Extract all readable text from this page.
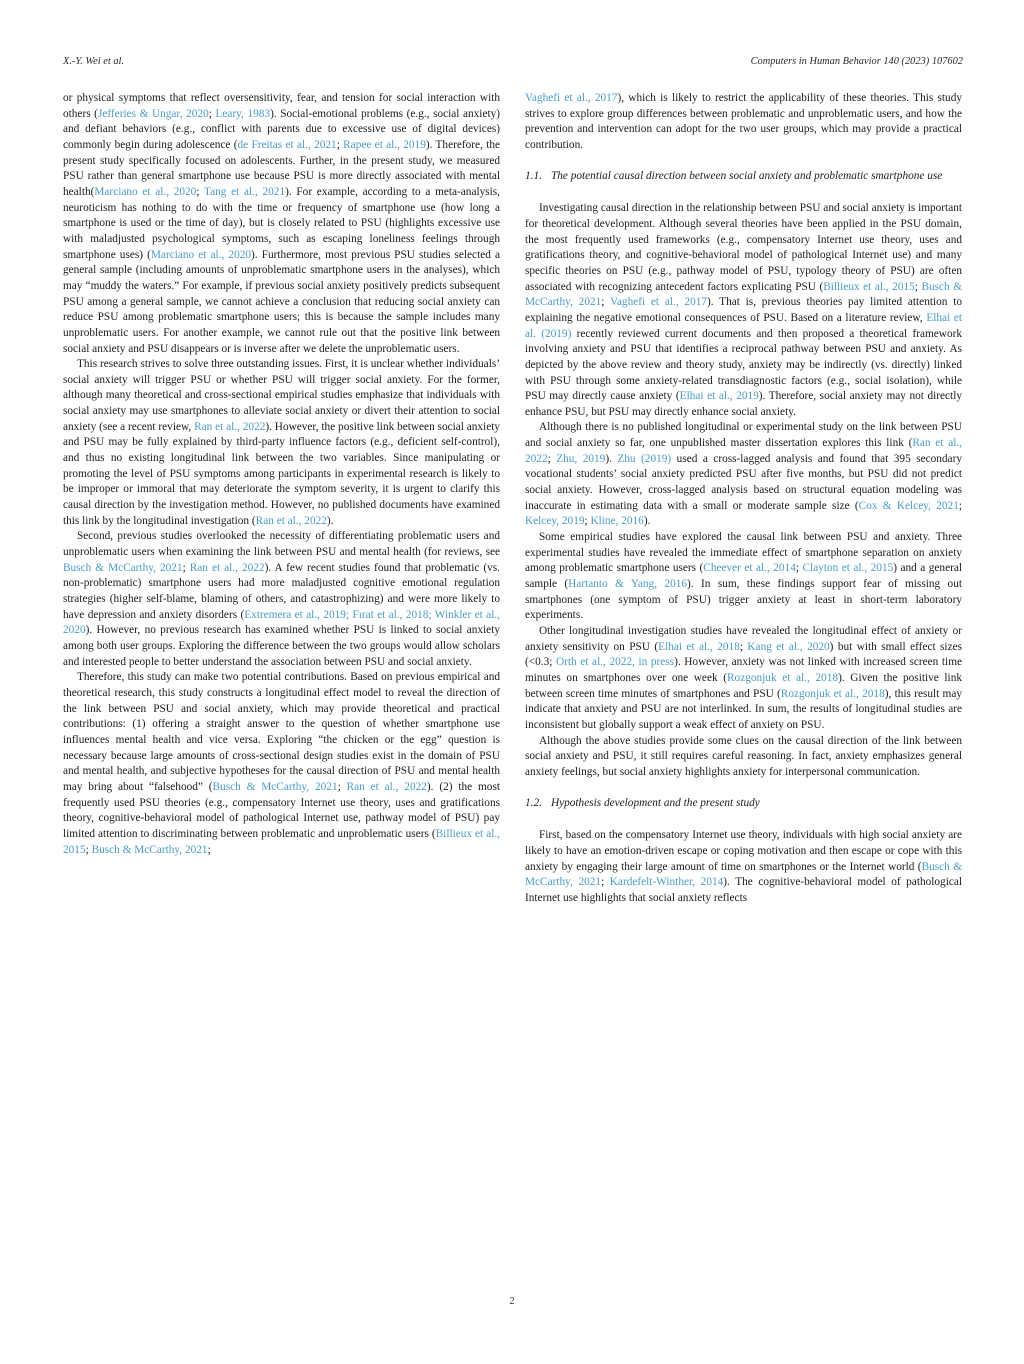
X.-Y. Wei et al.	Computers in Human Behavior 140 (2023) 107602

or physical symptoms that reflect oversensitivity, fear, and tension for social interaction with others (Jefferies & Ungar, 2020; Leary, 1983). Social-emotional problems (e.g., social anxiety) and defiant behaviors (e.g., conflict with parents due to excessive use of digital devices) commonly begin during adolescence (de Freitas et al., 2021; Rapee et al., 2019). Therefore, the present study specifically focused on adolescents. Further, in the present study, we measured PSU rather than general smartphone use because PSU is more directly associated with mental health(Marciano et al., 2020; Tang et al., 2021). For example, according to a meta-analysis, neuroticism has nothing to do with the time or frequency of smartphone use (how long a smartphone is used or the time of day), but is closely related to PSU (highlights excessive use with maladjusted psychological symptoms, such as escaping loneliness feelings through smartphone uses) (Marciano et al., 2020). Furthermore, most previous PSU studies selected a general sample (including amounts of unproblematic smartphone users in the analyses), which may “muddy the waters.” For example, if previous social anxiety positively predicts subsequent PSU among a general sample, we cannot achieve a conclusion that reducing social anxiety can reduce PSU among problematic smartphone users; this is because the sample includes many unproblematic users. For another example, we cannot rule out that the positive link between social anxiety and PSU disappears or is inverse after we delete the unproblematic users.

This research strives to solve three outstanding issues. First, it is unclear whether individuals’ social anxiety will trigger PSU or whether PSU will trigger social anxiety. For the former, although many theoretical and cross-sectional empirical studies emphasize that individuals with social anxiety may use smartphones to alleviate social anxiety or divert their attention to social anxiety (see a recent review, Ran et al., 2022). However, the positive link between social anxiety and PSU may be fully explained by third-party influence factors (e.g., deficient self-control), and thus no existing longitudinal link between the two variables. Since manipulating or promoting the level of PSU symptoms among participants in experimental research is likely to be improper or immoral that may deteriorate the symptom severity, it is urgent to clarify this causal direction by the investigation method. However, no published documents have examined this link by the longitudinal investigation (Ran et al., 2022).

Second, previous studies overlooked the necessity of differentiating problematic users and unproblematic users when examining the link between PSU and mental health (for reviews, see Busch & McCarthy, 2021; Ran et al., 2022). A few recent studies found that problematic (vs. non-problematic) smartphone users had more maladjusted cognitive emotional regulation strategies (higher self-blame, blaming of others, and catastrophizing) and were more likely to have depression and anxiety disorders (Extremera et al., 2019; Fırat et al., 2018; Winkler et al., 2020). However, no previous research has examined whether PSU is linked to social anxiety among both user groups. Exploring the difference between the two groups would allow scholars and interested people to better understand the association between PSU and social anxiety.

Therefore, this study can make two potential contributions. Based on previous empirical and theoretical research, this study constructs a longitudinal effect model to reveal the direction of the link between PSU and social anxiety, which may provide theoretical and practical contributions: (1) offering a straight answer to the question of whether smartphone use influences mental health and vice versa. Exploring “the chicken or the egg” question is necessary because large amounts of cross-sectional design studies exist in the domain of PSU and mental health, and subjective hypotheses for the causal direction of PSU and mental health may bring about “falsehood” (Busch & McCarthy, 2021; Ran et al., 2022). (2) the most frequently used PSU theories (e.g., compensatory Internet use theory, uses and gratifications theory, cognitive-behavioral model of pathological Internet use, pathway model of PSU) pay limited attention to discriminating between problematic and unproblematic users (Billieux et al., 2015; Busch & McCarthy, 2021;

Vaghefi et al., 2017), which is likely to restrict the applicability of these theories. This study strives to explore group differences between problematic and unproblematic users, and how the prevention and intervention can adopt for the two user groups, which may provide a practical contribution.

1.1. The potential causal direction between social anxiety and problematic smartphone use

Investigating causal direction in the relationship between PSU and social anxiety is important for theoretical development. Although several theories have been applied in the PSU domain, the most frequently used frameworks (e.g., compensatory Internet use theory, uses and gratifications theory, and cognitive-behavioral model of pathological Internet use) and many specific theories on PSU (e.g., pathway model of PSU, typology theory of PSU) are often associated with recognizing antecedent factors explicating PSU (Billieux et al., 2015; Busch & McCarthy, 2021; Vaghefi et al., 2017). That is, previous theories pay limited attention to explaining the negative emotional consequences of PSU. Based on a literature review, Elhai et al. (2019) recently reviewed current documents and then proposed a theoretical framework involving anxiety and PSU that identifies a reciprocal pathway between PSU and anxiety. As depicted by the above review and theory study, anxiety may be indirectly (vs. directly) linked with PSU through some anxiety-related transdiagnostic factors (e.g., social isolation), while PSU may directly cause anxiety (Elhai et al., 2019). Therefore, social anxiety may not directly enhance PSU, but PSU may directly enhance social anxiety.

Although there is no published longitudinal or experimental study on the link between PSU and social anxiety so far, one unpublished master dissertation explores this link (Ran et al., 2022; Zhu, 2019). Zhu (2019) used a cross-lagged analysis and found that 395 secondary vocational students’ social anxiety predicted PSU after five months, but PSU did not predict social anxiety. However, cross-lagged analysis based on structural equation modeling was inaccurate in estimating data with a small or moderate sample size (Cox & Kelcey, 2021; Kelcey, 2019; Kline, 2016).

Some empirical studies have explored the causal link between PSU and anxiety. Three experimental studies have revealed the immediate effect of smartphone separation on anxiety among problematic smartphone users (Cheever et al., 2014; Clayton et al., 2015) and a general sample (Hartanto & Yang, 2016). In sum, these findings support fear of missing out smartphones (one symptom of PSU) trigger anxiety at least in short-term laboratory experiments.

Other longitudinal investigation studies have revealed the longitudinal effect of anxiety or anxiety sensitivity on PSU (Elhai et al., 2018; Kang et al., 2020) but with small effect sizes (<0.3; Orth et al., 2022, in press). However, anxiety was not linked with increased screen time minutes on smartphones over one week (Rozgonjuk et al., 2018). Given the positive link between screen time minutes of smartphones and PSU (Rozgonjuk et al., 2018), this result may indicate that anxiety and PSU are not interlinked. In sum, the results of longitudinal studies are inconsistent but globally support a weak effect of anxiety on PSU.

Although the above studies provide some clues on the causal direction of the link between social anxiety and PSU, it still requires careful reasoning. In fact, anxiety emphasizes general anxiety feelings, but social anxiety highlights anxiety for interpersonal communication.

1.2. Hypothesis development and the present study

First, based on the compensatory Internet use theory, individuals with high social anxiety are likely to have an emotion-driven escape or coping motivation and then escape or cope with this anxiety by engaging their large amount of time on smartphones or the Internet world (Busch & McCarthy, 2021; Kardefelt-Winther, 2014). The cognitive-behavioral model of pathological Internet use highlights that social anxiety reflects

2
